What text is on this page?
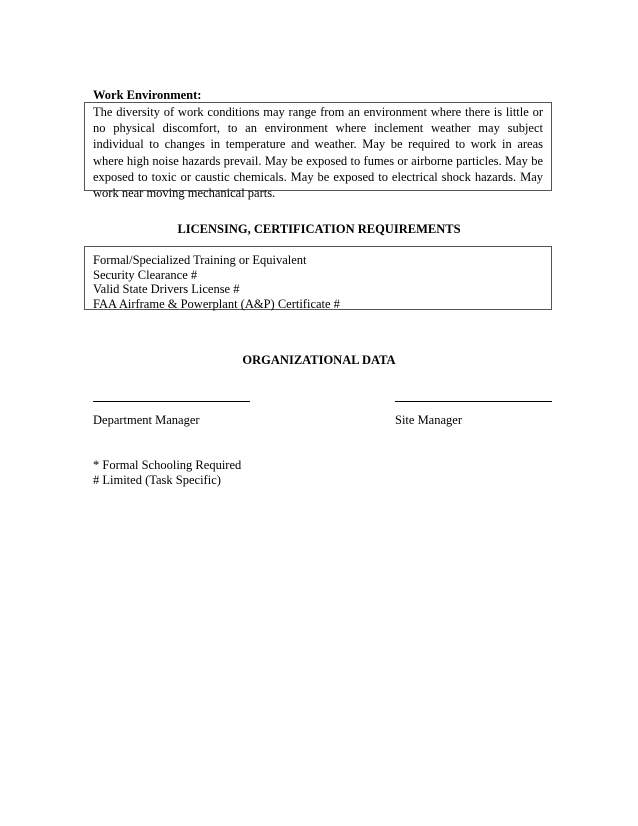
Work Environment:
The diversity of work conditions may range from an environment where there is little or no physical discomfort, to an environment where inclement weather may subject individual to changes in temperature and weather. May be required to work in areas where high noise hazards prevail. May be exposed to fumes or airborne particles. May be exposed to toxic or caustic chemicals. May be exposed to electrical shock hazards. May work near moving mechanical parts.
LICENSING, CERTIFICATION REQUIREMENTS
Formal/Specialized Training or Equivalent
Security Clearance #
Valid State Drivers License #
FAA Airframe & Powerplant (A&P) Certificate #
ORGANIZATIONAL DATA
Department Manager	Site Manager
* Formal Schooling Required
# Limited (Task Specific)
